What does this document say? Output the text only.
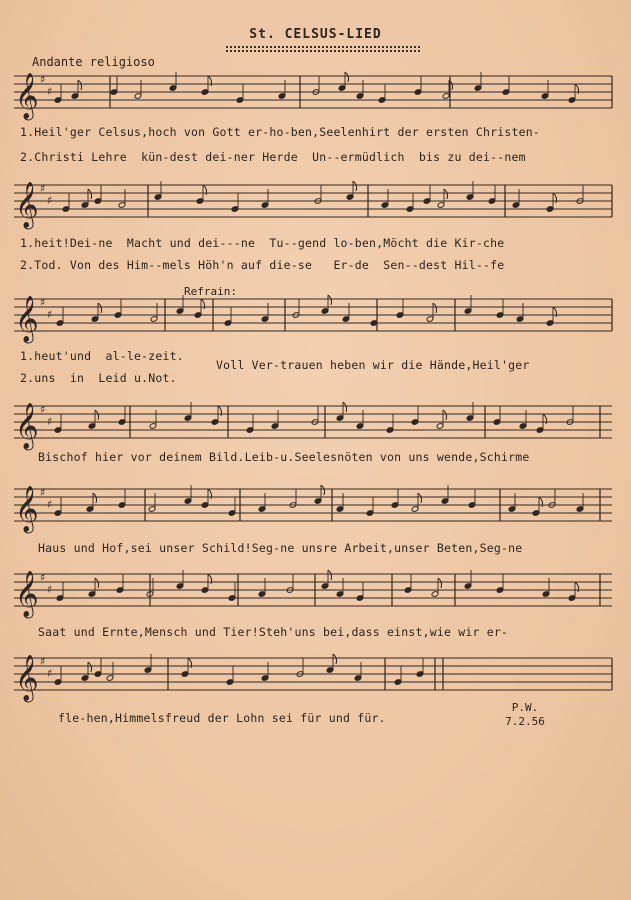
St. CELSUS-LIED
Andante religioso
Refrain:
𝄞 ♯
♯
𝄞 ♯
♯
𝄞 ♯
♯
𝄞 ♯
♯
𝄞 ♯
♯
𝄞 ♯
♯
𝄞 ♯
♯
1.Heil'ger Celsus,hoch von Gott er-ho-ben,Seelenhirt der ersten Christen-
2.Christi Lehre  kün-dest dei-ner Herde  Un--ermüdlich  bis zu dei--nem
1.heit!Dei-ne  Macht und dei---ne  Tu--gend lo-ben,Möcht die Kir-che
2.Tod. Von des Him--mels Höh'n auf die-se   Er-de  Sen--dest Hil--fe
1.heut'und  al-le-zeit.
2.uns  in  Leid u.Not.
Voll Ver-trauen heben wir die Hände,Heil'ger
Bischof hier vor deinem Bild.Leib-u.Seelesnöten von uns wende,Schirme
Haus und Hof,sei unser Schild!Seg-ne unsre Arbeit,unser Beten,Seg-ne
Saat und Ernte,Mensch und Tier!Steh'uns bei,dass einst,wie wir er-
fle-hen,Himmelsfreud der Lohn sei für und für.
P.W.
7.2.56
